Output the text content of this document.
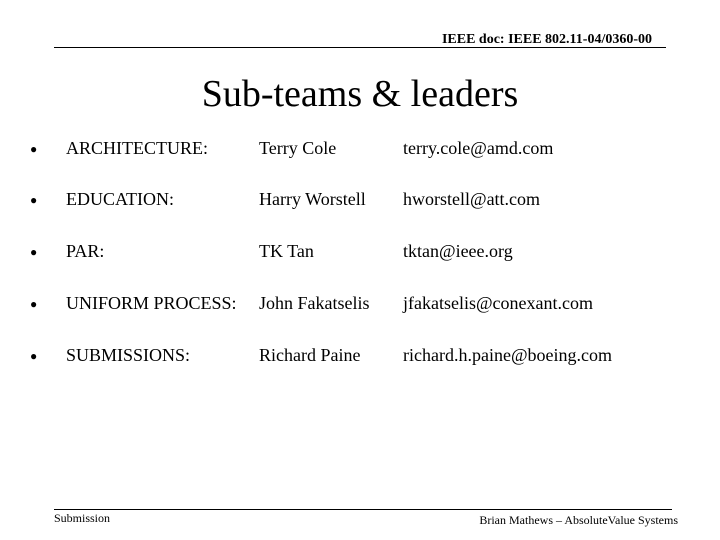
IEEE doc: IEEE 802.11-04/0360-00
Sub-teams & leaders
● ARCHITECTURE:	Terry Cole	terry.cole@amd.com
● EDUCATION:	Harry Worstell hworstell@att.com
● PAR:	TK Tan	tktan@ieee.org
● UNIFORM PROCESS: John Fakatselis jfakatselis@conexant.com
● SUBMISSIONS:	Richard Paine richard.h.paine@boeing.com
Submission	Brian Mathews – AbsoluteValue Systems
